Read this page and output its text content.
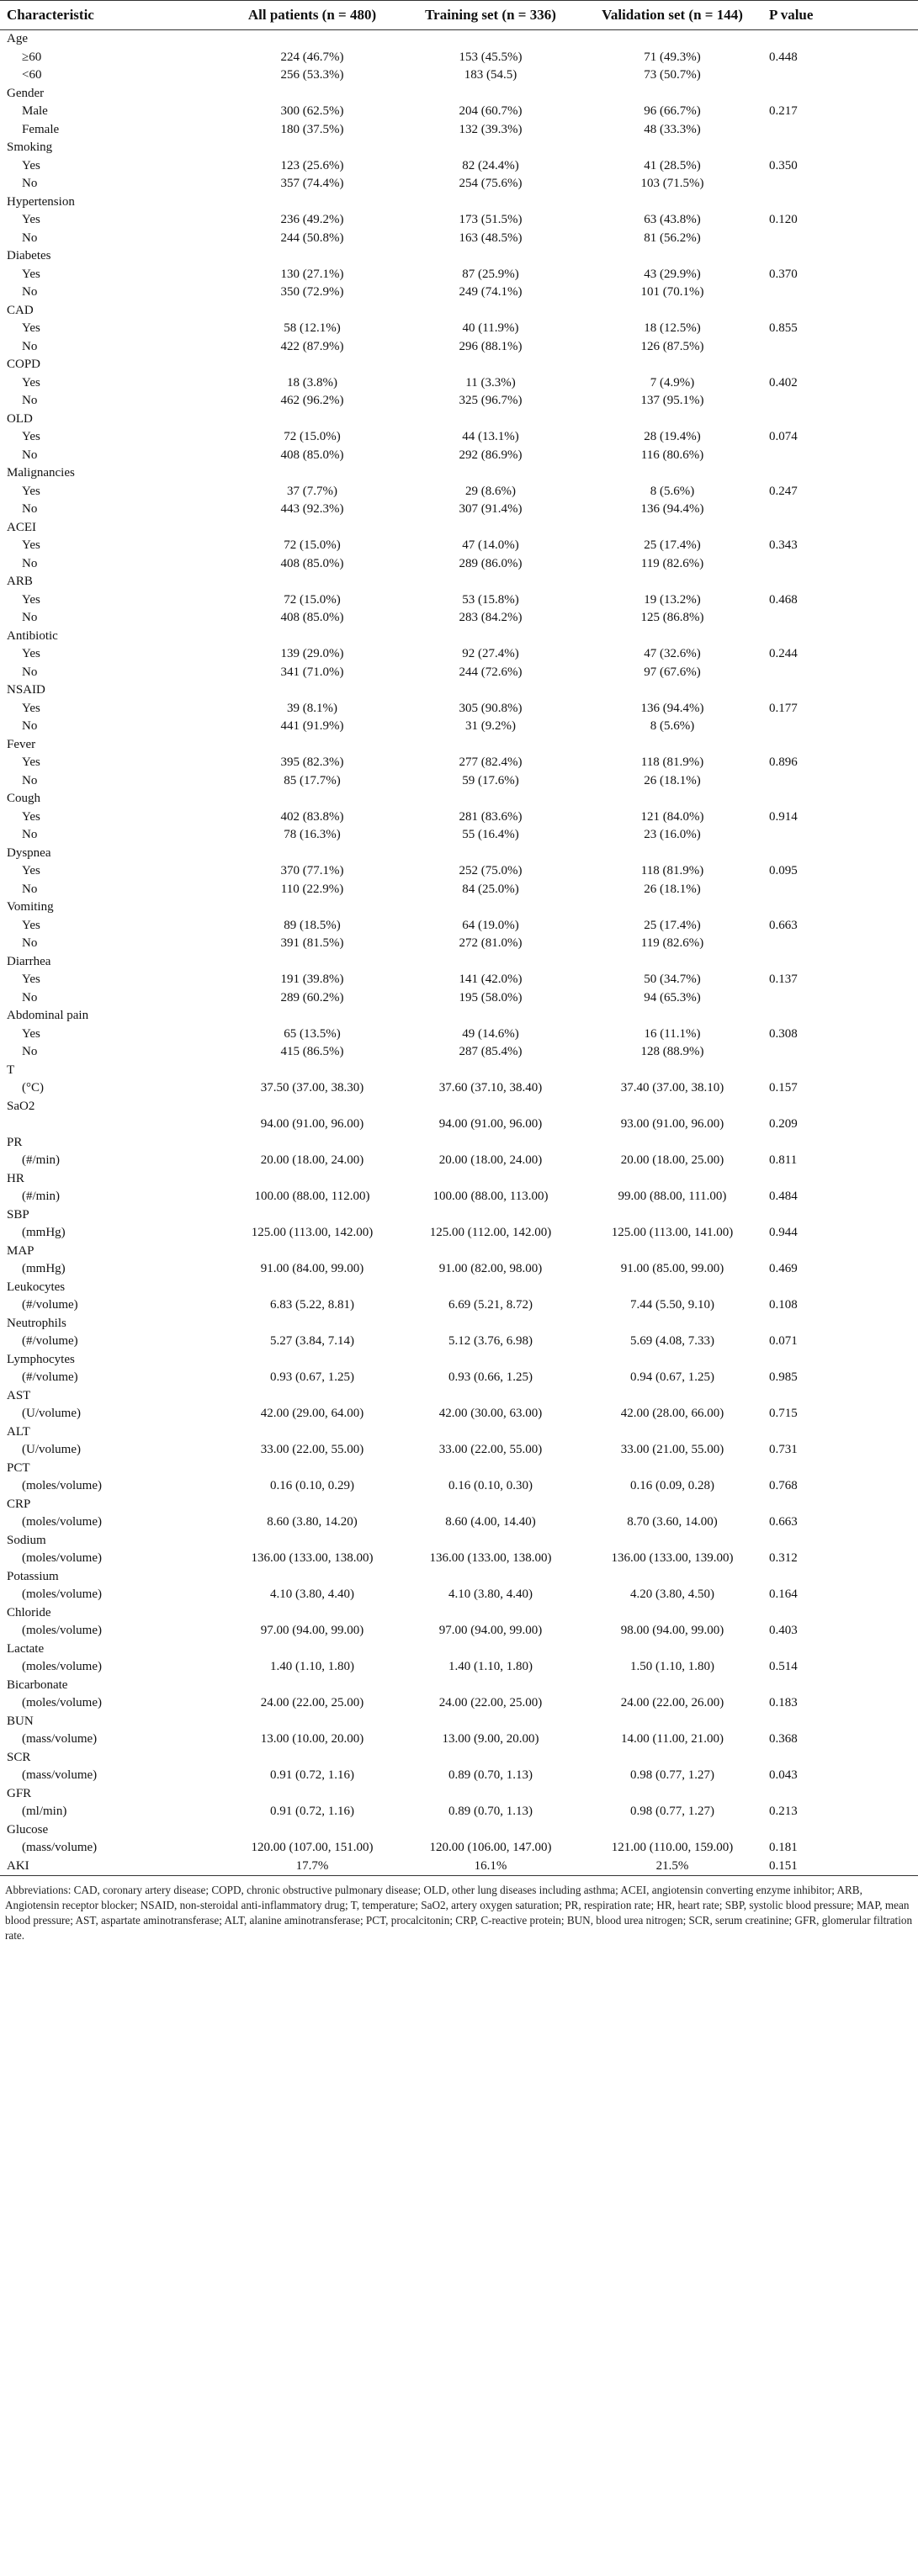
Characteristic	All patients (n = 480)	Training set (n = 336)	Validation set (n = 144)	P value
Age				
≥60	224 (46.7%)	153 (45.5%)	71 (49.3%)	0.448
<60	256 (53.3%)	183 (54.5)	73 (50.7%)	
Gender				
Male	300 (62.5%)	204 (60.7%)	96 (66.7%)	0.217
Female	180 (37.5%)	132 (39.3%)	48 (33.3%)	
Smoking				
Yes	123 (25.6%)	82 (24.4%)	41 (28.5%)	0.350
No	357 (74.4%)	254 (75.6%)	103 (71.5%)	
Hypertension				
Yes	236 (49.2%)	173 (51.5%)	63 (43.8%)	0.120
No	244 (50.8%)	163 (48.5%)	81 (56.2%)	
Diabetes				
Yes	130 (27.1%)	87 (25.9%)	43 (29.9%)	0.370
No	350 (72.9%)	249 (74.1%)	101 (70.1%)	
CAD				
Yes	58 (12.1%)	40 (11.9%)	18 (12.5%)	0.855
No	422 (87.9%)	296 (88.1%)	126 (87.5%)	
COPD				
Yes	18 (3.8%)	11 (3.3%)	7 (4.9%)	0.402
No	462 (96.2%)	325 (96.7%)	137 (95.1%)	
OLD				
Yes	72 (15.0%)	44 (13.1%)	28 (19.4%)	0.074
No	408 (85.0%)	292 (86.9%)	116 (80.6%)	
Malignancies				
Yes	37 (7.7%)	29 (8.6%)	8 (5.6%)	0.247
No	443 (92.3%)	307 (91.4%)	136 (94.4%)	
ACEI				
Yes	72 (15.0%)	47 (14.0%)	25 (17.4%)	0.343
No	408 (85.0%)	289 (86.0%)	119 (82.6%)	
ARB				
Yes	72 (15.0%)	53 (15.8%)	19 (13.2%)	0.468
No	408 (85.0%)	283 (84.2%)	125 (86.8%)	
Antibiotic				
Yes	139 (29.0%)	92 (27.4%)	47 (32.6%)	0.244
No	341 (71.0%)	244 (72.6%)	97 (67.6%)	
NSAID				
Yes	39 (8.1%)	305 (90.8%)	136 (94.4%)	0.177
No	441 (91.9%)	31 (9.2%)	8 (5.6%)	
Fever				
Yes	395 (82.3%)	277 (82.4%)	118 (81.9%)	0.896
No	85 (17.7%)	59 (17.6%)	26 (18.1%)	
Cough				
Yes	402 (83.8%)	281 (83.6%)	121 (84.0%)	0.914
No	78 (16.3%)	55 (16.4%)	23 (16.0%)	
Dyspnea				
Yes	370 (77.1%)	252 (75.0%)	118 (81.9%)	0.095
No	110 (22.9%)	84 (25.0%)	26 (18.1%)	
Vomiting				
Yes	89 (18.5%)	64 (19.0%)	25 (17.4%)	0.663
No	391 (81.5%)	272 (81.0%)	119 (82.6%)	
Diarrhea				
Yes	191 (39.8%)	141 (42.0%)	50 (34.7%)	0.137
No	289 (60.2%)	195 (58.0%)	94 (65.3%)	
Abdominal pain				
Yes	65 (13.5%)	49 (14.6%)	16 (11.1%)	0.308
No	415 (86.5%)	287 (85.4%)	128 (88.9%)	
T				
(°C)	37.50 (37.00, 38.30)	37.60 (37.10, 38.40)	37.40 (37.00, 38.10)	0.157
SaO2				
	94.00 (91.00, 96.00)	94.00 (91.00, 96.00)	93.00 (91.00, 96.00)	0.209
PR				
(#/min)	20.00 (18.00, 24.00)	20.00 (18.00, 24.00)	20.00 (18.00, 25.00)	0.811
HR				
(#/min)	100.00 (88.00, 112.00)	100.00 (88.00, 113.00)	99.00 (88.00, 111.00)	0.484
SBP				
(mmHg)	125.00 (113.00, 142.00)	125.00 (112.00, 142.00)	125.00 (113.00, 141.00)	0.944
MAP				
(mmHg)	91.00 (84.00, 99.00)	91.00 (82.00, 98.00)	91.00 (85.00, 99.00)	0.469
Leukocytes				
(#/volume)	6.83 (5.22, 8.81)	6.69 (5.21, 8.72)	7.44 (5.50, 9.10)	0.108
Neutrophils				
(#/volume)	5.27 (3.84, 7.14)	5.12 (3.76, 6.98)	5.69 (4.08, 7.33)	0.071
Lymphocytes				
(#/volume)	0.93 (0.67, 1.25)	0.93 (0.66, 1.25)	0.94 (0.67, 1.25)	0.985
AST				
(U/volume)	42.00 (29.00, 64.00)	42.00 (30.00, 63.00)	42.00 (28.00, 66.00)	0.715
ALT				
(U/volume)	33.00 (22.00, 55.00)	33.00 (22.00, 55.00)	33.00 (21.00, 55.00)	0.731
PCT				
(moles/volume)	0.16 (0.10, 0.29)	0.16 (0.10, 0.30)	0.16 (0.09, 0.28)	0.768
CRP				
(moles/volume)	8.60 (3.80, 14.20)	8.60 (4.00, 14.40)	8.70 (3.60, 14.00)	0.663
Sodium				
(moles/volume)	136.00 (133.00, 138.00)	136.00 (133.00, 138.00)	136.00 (133.00, 139.00)	0.312
Potassium				
(moles/volume)	4.10 (3.80, 4.40)	4.10 (3.80, 4.40)	4.20 (3.80, 4.50)	0.164
Chloride				
(moles/volume)	97.00 (94.00, 99.00)	97.00 (94.00, 99.00)	98.00 (94.00, 99.00)	0.403
Lactate				
(moles/volume)	1.40 (1.10, 1.80)	1.40 (1.10, 1.80)	1.50 (1.10, 1.80)	0.514
Bicarbonate				
(moles/volume)	24.00 (22.00, 25.00)	24.00 (22.00, 25.00)	24.00 (22.00, 26.00)	0.183
BUN				
(mass/volume)	13.00 (10.00, 20.00)	13.00 (9.00, 20.00)	14.00 (11.00, 21.00)	0.368
SCR				
(mass/volume)	0.91 (0.72, 1.16)	0.89 (0.70, 1.13)	0.98 (0.77, 1.27)	0.043
GFR				
(ml/min)	0.91 (0.72, 1.16)	0.89 (0.70, 1.13)	0.98 (0.77, 1.27)	0.213
Glucose				
(mass/volume)	120.00 (107.00, 151.00)	120.00 (106.00, 147.00)	121.00 (110.00, 159.00)	0.181
AKI	17.7%	16.1%	21.5%	0.151

Abbreviations: CAD, coronary artery disease; COPD, chronic obstructive pulmonary disease; OLD, other lung diseases including asthma; ACEI, angiotensin converting enzyme inhibitor; ARB, Angiotensin receptor blocker; NSAID, non-steroidal anti-inflammatory drug; T, temperature; SaO2, artery oxygen saturation; PR, respiration rate; HR, heart rate; SBP, systolic blood pressure; MAP, mean blood pressure; AST, aspartate aminotransferase; ALT, alanine aminotransferase; PCT, procalcitonin; CRP, C-reactive protein; BUN, blood urea nitrogen; SCR, serum creatinine; GFR, glomerular filtration rate.
